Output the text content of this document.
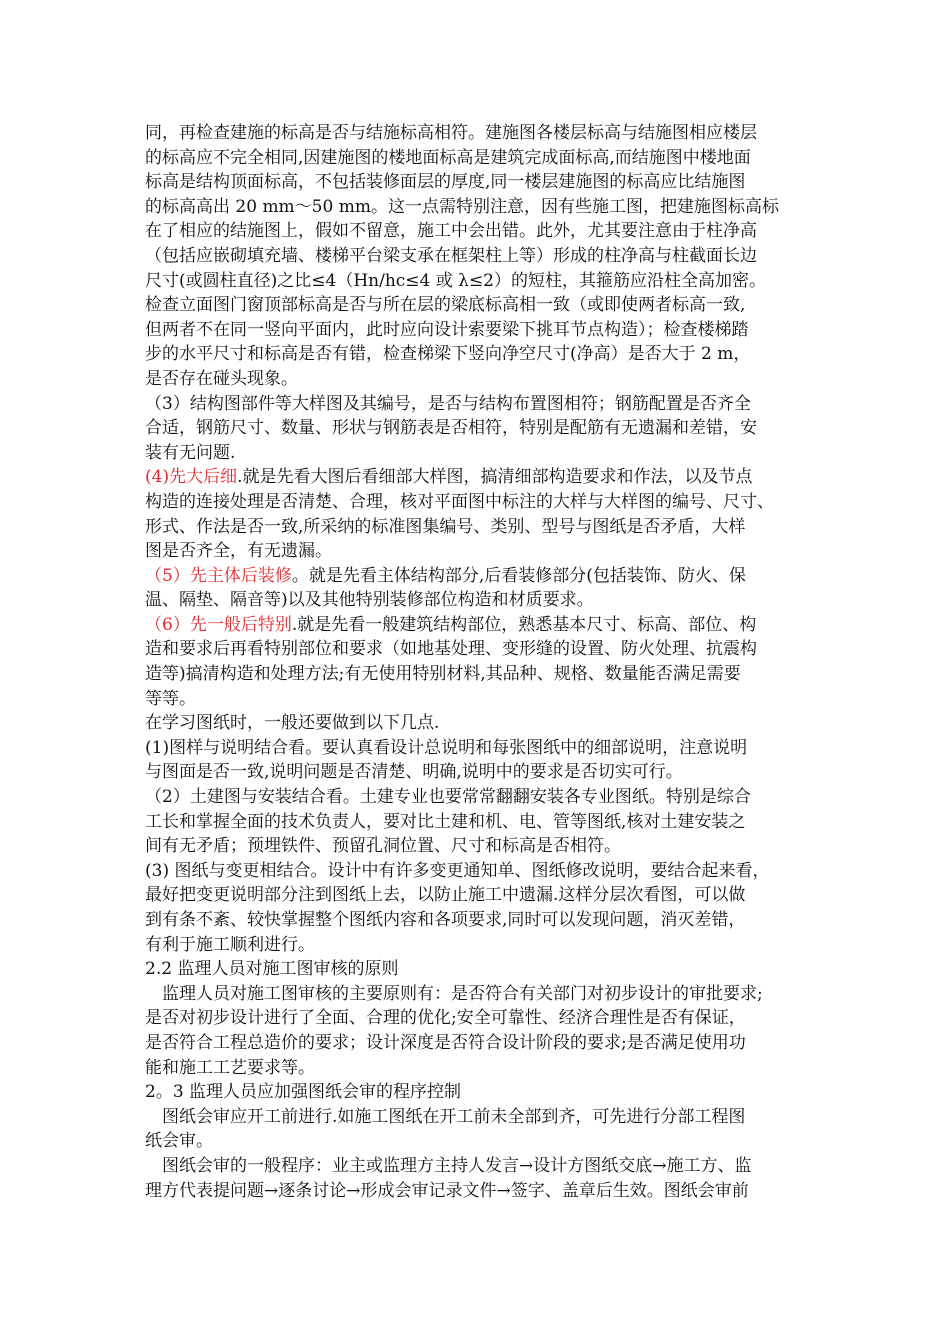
同，再检查建施的标高是否与结施标高相符。建施图各楼层标高与结施图相应楼层
的标高应不完全相同,因建施图的楼地面标高是建筑完成面标高,而结施图中楼地面
标高是结构顶面标高，不包括装修面层的厚度,同一楼层建施图的标高应比结施图
的标高高出 20 mm～50 mm。这一点需特别注意，因有些施工图，把建施图标高标
在了相应的结施图上，假如不留意，施工中会出错。此外，尤其要注意由于柱净高
（包括应嵌砌填充墙、楼梯平台梁支承在框架柱上等）形成的柱净高与柱截面长边
尺寸(或圆柱直径)之比≤4（Hn/hc≤4 或 λ≤2）的短柱，其箍筋应沿柱全高加密。
检查立面图门窗顶部标高是否与所在层的梁底标高相一致（或即使两者标高一致,
但两者不在同一竖向平面内，此时应向设计索要梁下挑耳节点构造）；检查楼梯踏
步的水平尺寸和标高是否有错，检查梯梁下竖向净空尺寸(净高）是否大于 2 m，
是否存在碰头现象。
（3）结构图部件等大样图及其编号，是否与结构布置图相符；钢筋配置是否齐全
合适，钢筋尺寸、数量、形状与钢筋表是否相符，特别是配筋有无遗漏和差错，安
装有无问题.
(4)先大后细.就是先看大图后看细部大样图，搞清细部构造要求和作法，以及节点
构造的连接处理是否清楚、合理，核对平面图中标注的大样与大样图的编号、尺寸、
形式、作法是否一致,所采纳的标准图集编号、类别、型号与图纸是否矛盾，大样
图是否齐全，有无遗漏。
（5）先主体后装修。就是先看主体结构部分,后看装修部分(包括装饰、防火、保
温、隔垫、隔音等)以及其他特别装修部位构造和材质要求。
（6）先一般后特别.就是先看一般建筑结构部位，熟悉基本尺寸、标高、部位、构
造和要求后再看特别部位和要求（如地基处理、变形缝的设置、防火处理、抗震构
造等)搞清构造和处理方法;有无使用特别材料,其品种、规格、数量能否满足需要
等等。
在学习图纸时，一般还要做到以下几点.
(1)图样与说明结合看。要认真看设计总说明和每张图纸中的细部说明，注意说明
与图面是否一致,说明问题是否清楚、明确,说明中的要求是否切实可行。
（2）土建图与安装结合看。土建专业也要常常翻翻安装各专业图纸。特别是综合
工长和掌握全面的技术负责人，要对比土建和机、电、管等图纸,核对土建安装之
间有无矛盾；预埋铁件、预留孔洞位置、尺寸和标高是否相符。
(3) 图纸与变更相结合。设计中有许多变更通知单、图纸修改说明，要结合起来看，
最好把变更说明部分注到图纸上去，以防止施工中遗漏.这样分层次看图，可以做
到有条不紊、较快掌握整个图纸内容和各项要求,同时可以发现问题，消灭差错，
有利于施工顺利进行。
2.2 监理人员对施工图审核的原则
监理人员对施工图审核的主要原则有：是否符合有关部门对初步设计的审批要求;
是否对初步设计进行了全面、合理的优化;安全可靠性、经济合理性是否有保证，
是否符合工程总造价的要求；设计深度是否符合设计阶段的要求;是否满足使用功
能和施工工艺要求等。
2。3 监理人员应加强图纸会审的程序控制
图纸会审应开工前进行.如施工图纸在开工前未全部到齐，可先进行分部工程图
纸会审。
图纸会审的一般程序：业主或监理方主持人发言→设计方图纸交底→施工方、监
理方代表提问题→逐条讨论→形成会审记录文件→签字、盖章后生效。图纸会审前
